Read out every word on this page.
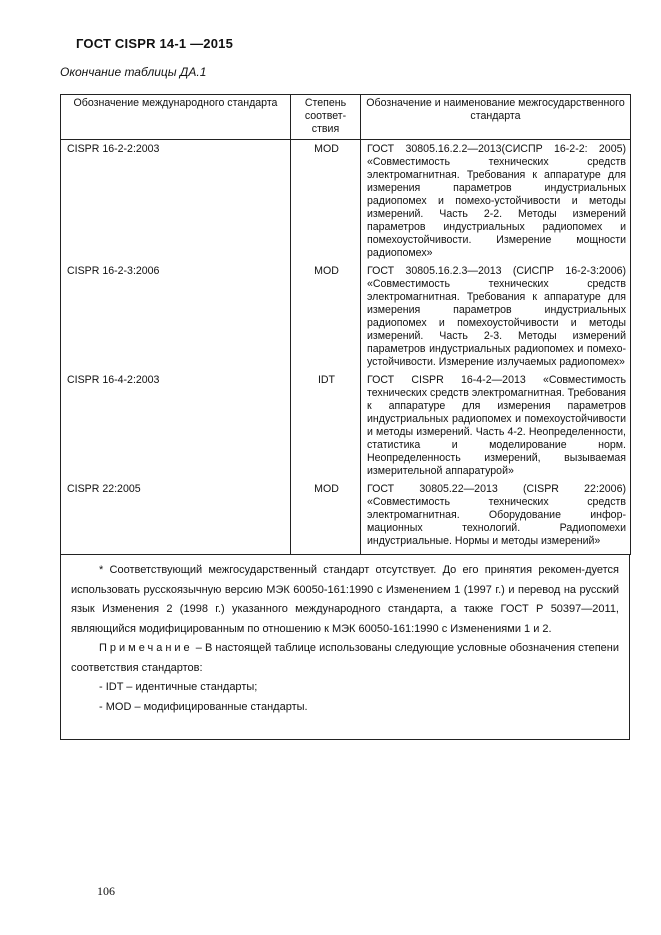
ГОСТ CISPR 14-1 —2015
Окончание таблицы ДА.1
Обозначение международного стандарта	Степень соответ-ствия	Обозначение и наименование межгосударственного стандарта
CISPR 16-2-2:2003	MOD	ГОСТ 30805.16.2.2—2013(СИСПР 16-2-2: 2005) «Совместимость технических средств электромагнитная. Требования к аппаратуре для измерения параметров индустриальных радиопомех и помехо-устойчивости и методы измерений. Часть 2-2. Методы измерений параметров индустриальных радиопомех и помехоустойчивости. Измерение мощности радиопомех»
CISPR 16-2-3:2006	MOD	ГОСТ 30805.16.2.3—2013 (СИСПР 16-2-3:2006) «Совместимость технических средств электромагнитная. Требования к аппаратуре для измерения параметров индустриальных радиопомех и помехоустойчивости и методы измерений. Часть 2-3. Методы измерений параметров индустриальных радиопомех и помехо-устойчивости. Измерение излучаемых радиопомех»
CISPR 16-4-2:2003	IDT	ГОСТ CISPR 16-4-2—2013 «Совместимость технических средств электромагнитная. Требования к аппаратуре для измерения параметров индустриальных радиопомех и помехоустойчивости и методы измерений. Часть 4-2. Неопределенности, статистика и моделирование норм. Неопределенность измерений, вызываемая измерительной аппаратурой»
CISPR 22:2005	MOD	ГОСТ 30805.22—2013 (CISPR 22:2006) «Совместимость технических средств электромагнитная. Оборудование инфор-мационных технологий. Радиопомехи индустриальные. Нормы и методы измерений»

* Соответствующий межгосударственный стандарт отсутствует. До его принятия рекомен-дуется использовать русскоязычную версию МЭК 60050-161:1990 с Изменением 1 (1997 г.) и перевод на русский язык Изменения 2 (1998 г.) указанного международного стандарта, а также ГОСТ Р 50397—2011, являющийся модифицированным по отношению к МЭК 60050-161:1990 с Изменениями 1 и 2.

Примечание – В настоящей таблице использованы следующие условные обозначения степени соответствия стандартов:

- IDT – идентичные стандарты;

- MOD – модифицированные стандарты.

106
